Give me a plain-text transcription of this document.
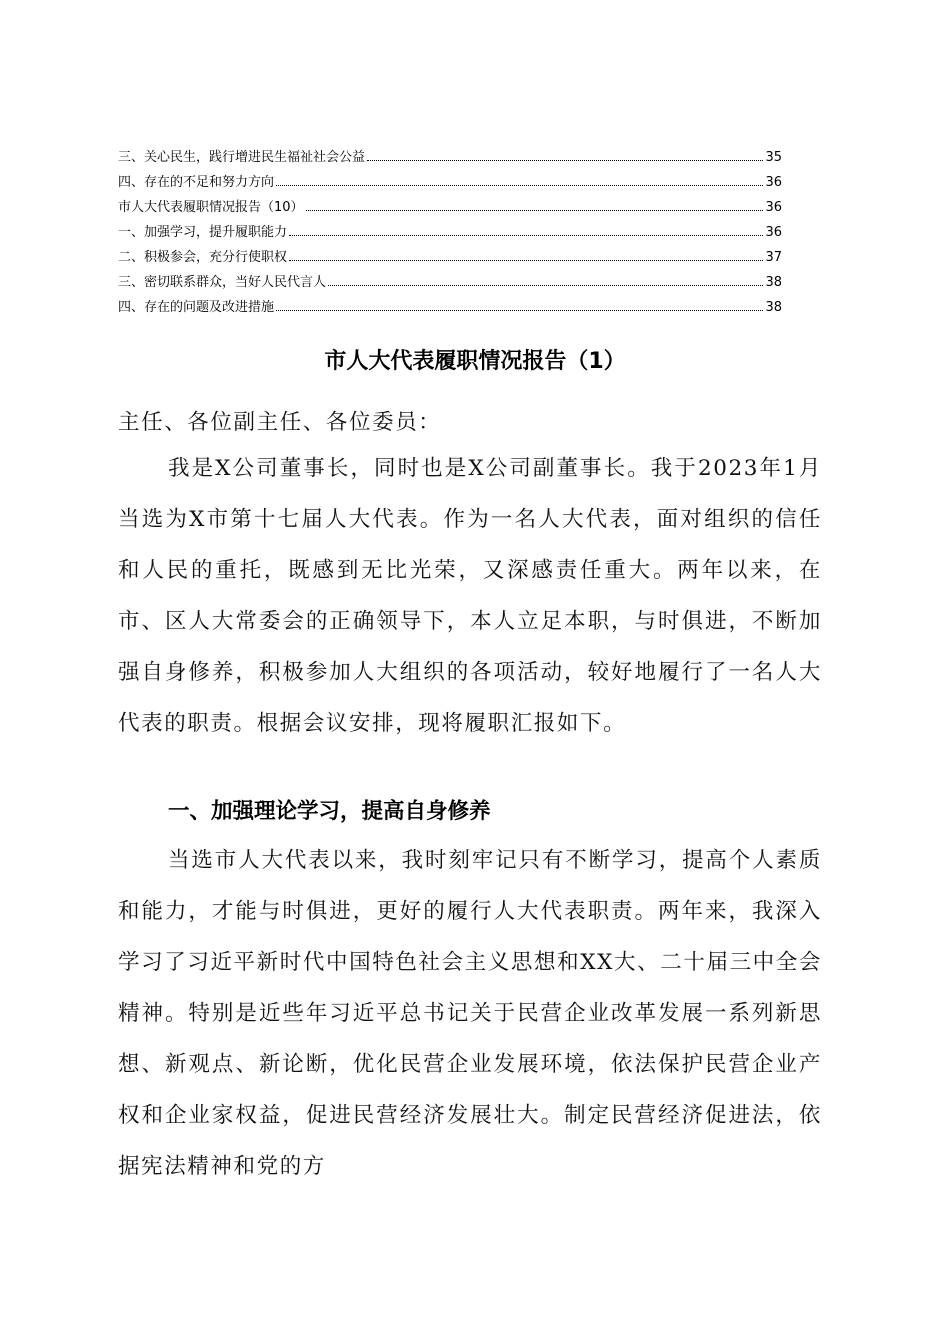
三、关心民生，践行增进民生福祉社会公益	35
四、存在的不足和努力方向	36
市人大代表履职情况报告（10）	36
一、加强学习，提升履职能力	36
二、积极参会，充分行使职权	37
三、密切联系群众，当好人民代言人	38
四、存在的问题及改进措施	38
市人大代表履职情况报告（1）

主任、各位副主任、各位委员：

我是X公司董事长，同时也是X公司副董事长。我于2023年1月当选为X市第十七届人大代表。作为一名人大代表，面对组织的信任和人民的重托，既感到无比光荣，又深感责任重大。两年以来，在市、区人大常委会的正确领导下，本人立足本职，与时俱进，不断加强自身修养，积极参加人大组织的各项活动，较好地履行了一名人大代表的职责。根据会议安排，现将履职汇报如下。

一、加强理论学习，提高自身修养

当选市人大代表以来，我时刻牢记只有不断学习，提高个人素质和能力，才能与时俱进，更好的履行人大代表职责。两年来，我深入学习了习近平新时代中国特色社会主义思想和XX大、二十届三中全会精神。特别是近些年习近平总书记关于民营企业改革发展一系列新思想、新观点、新论断，优化民营企业发展环境，依法保护民营企业产权和企业家权益，促进民营经济发展壮大。制定民营经济促进法，依据宪法精神和党的方
